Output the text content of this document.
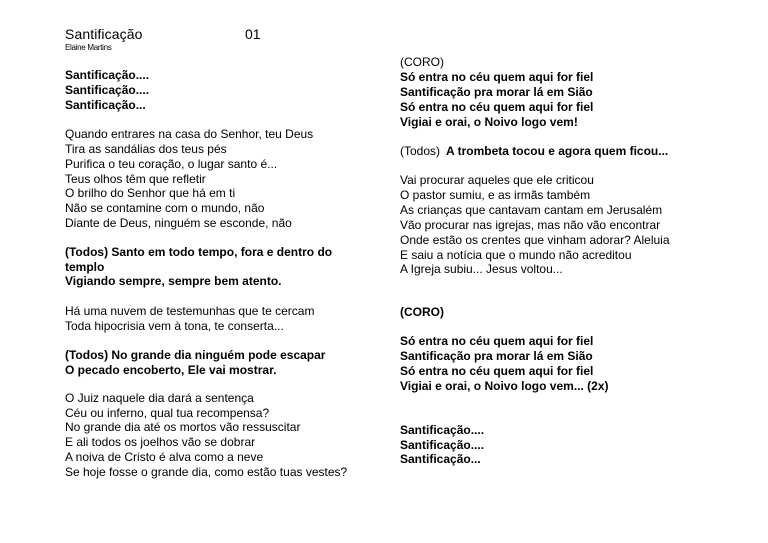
Santificação	01
Elaine Martins
Santificação....
Santificação....
Santificação...
Quando entrares na casa do Senhor, teu Deus
Tira as sandálias dos teus pés
Purifica o teu coração, o lugar santo é...
Teus olhos têm que refletir
O brilho do Senhor que há em ti
Não se contamine com o mundo, não
Diante de Deus, ninguém se esconde, não
(Todos) Santo em todo tempo, fora e dentro do
templo
Vigiando sempre, sempre bem atento.
Há uma nuvem de testemunhas que te cercam
Toda hipocrisia vem à tona, te conserta...
(Todos) No grande dia ninguém pode escapar
O pecado encoberto, Ele vai mostrar.
O Juiz naquele dia dará a sentença
Céu ou inferno, qual tua recompensa?
No grande dia até os mortos vão ressuscitar
E ali todos os joelhos vão se dobrar
A noiva de Cristo é alva como a neve
Se hoje fosse o grande dia, como estão tuas vestes?
(CORO)
Só entra no céu quem aqui for fiel
Santificação pra morar lá em Sião
Só entra no céu quem aqui for fiel
Vigiai e orai, o Noivo logo vem!
(Todos) A trombeta tocou e agora quem ficou...
Vai procurar aqueles que ele criticou
O pastor sumiu, e as irmãs também
As crianças que cantavam cantam em Jerusalém
Vão procurar nas igrejas, mas não vão encontrar
Onde estão os crentes que vinham adorar? Aleluia
E saiu a notícia que o mundo não acreditou
A Igreja subiu... Jesus voltou...
(CORO)
Só entra no céu quem aqui for fiel
Santificação pra morar lá em Sião
Só entra no céu quem aqui for fiel
Vigiai e orai, o Noivo logo vem... (2x)
Santificação....
Santificação....
Santificação...
